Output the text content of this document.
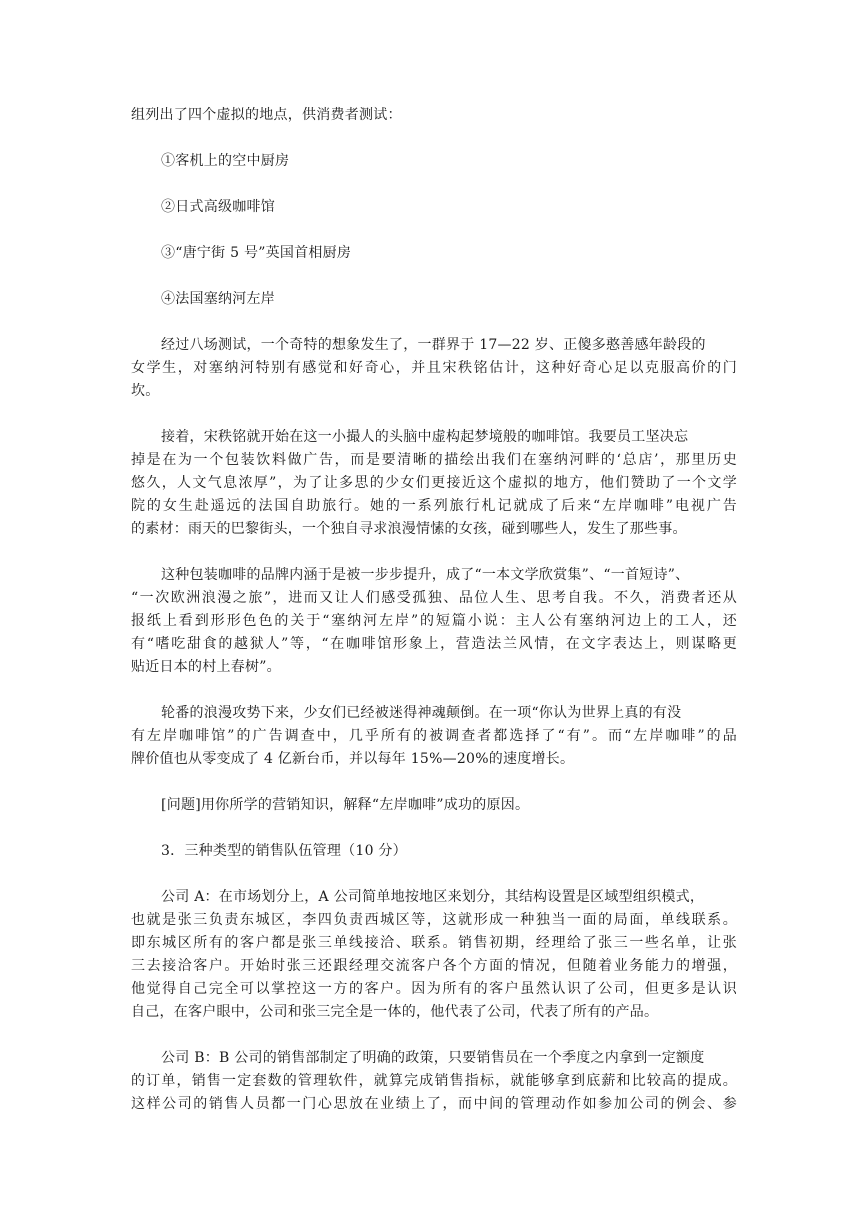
组列出了四个虚拟的地点，供消费者测试：
①客机上的空中厨房
②日式高级咖啡馆
③“唐宁街 5 号”英国首相厨房
④法国塞纳河左岸
经过八场测试，一个奇特的想象发生了，一群界于 17—22 岁、正傻多憨善感年龄段的
女学生，对塞纳河特别有感觉和好奇心，并且宋秩铭估计，这种好奇心足以克服高价的门
坎。
接着，宋秩铭就开始在这一小撮人的头脑中虚构起梦境般的咖啡馆。我要员工坚决忘
掉是在为一个包装饮料做广告，而是要清晰的描绘出我们在塞纳河畔的‘总店’，那里历史
悠久，人文气息浓厚”，为了让多思的少女们更接近这个虚拟的地方，他们赞助了一个文学
院的女生赴遥远的法国自助旅行。她的一系列旅行札记就成了后来“左岸咖啡”电视广告
的素材：雨天的巴黎街头，一个独自寻求浪漫情愫的女孩，碰到哪些人，发生了那些事。
这种包装咖啡的品牌内涵于是被一步步提升，成了“一本文学欣赏集”、“一首短诗”、
“一次欧洲浪漫之旅”，进而又让人们感受孤独、品位人生、思考自我。不久，消费者还从
报纸上看到形形色色的关于“塞纳河左岸”的短篇小说：主人公有塞纳河边上的工人，还
有“嗜吃甜食的越狱人”等，“在咖啡馆形象上，营造法兰风情，在文字表达上，则谋略更
贴近日本的村上春树”。
轮番的浪漫攻势下来，少女们已经被迷得神魂颠倒。在一项“你认为世界上真的有没
有左岸咖啡馆”的广告调查中，几乎所有的被调查者都选择了“有”。而“左岸咖啡”的品
牌价值也从零变成了 4 亿新台币，并以每年 15%—20%的速度增长。
[问题]用你所学的营销知识，解释“左岸咖啡”成功的原因。
3．三种类型的销售队伍管理（10 分）
公司 A：在市场划分上，A 公司简单地按地区来划分，其结构设置是区域型组织模式，
也就是张三负责东城区，李四负责西城区等，这就形成一种独当一面的局面，单线联系。
即东城区所有的客户都是张三单线接洽、联系。销售初期，经理给了张三一些名单，让张
三去接洽客户。开始时张三还跟经理交流客户各个方面的情况，但随着业务能力的增强，
他觉得自己完全可以掌控这一方的客户。因为所有的客户虽然认识了公司，但更多是认识
自己，在客户眼中，公司和张三完全是一体的，他代表了公司，代表了所有的产品。
公司 B：B 公司的销售部制定了明确的政策，只要销售员在一个季度之内拿到一定额度
的订单，销售一定套数的管理软件，就算完成销售指标，就能够拿到底薪和比较高的提成。
这样公司的销售人员都一门心思放在业绩上了，而中间的管理动作如参加公司的例会、参
